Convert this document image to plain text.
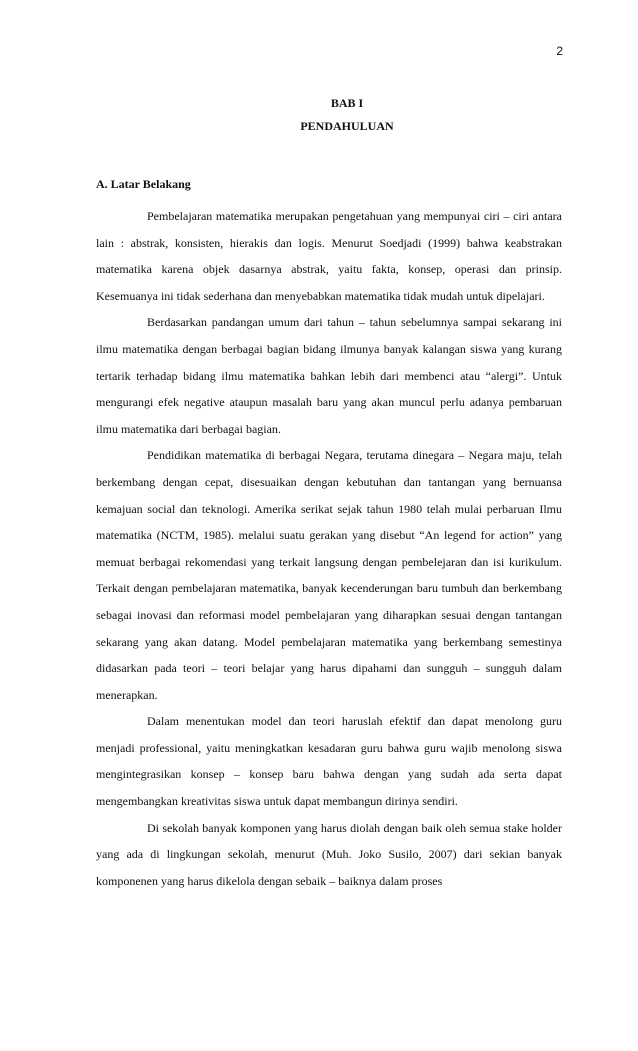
2
BAB I
PENDAHULUAN
A. Latar Belakang

Pembelajaran matematika merupakan pengetahuan yang mempunyai ciri – ciri antara lain : abstrak, konsisten, hierakis dan logis. Menurut Soedjadi (1999) bahwa keabstrakan matematika karena objek dasarnya abstrak, yaitu fakta, konsep, operasi dan prinsip. Kesemuanya ini tidak sederhana dan menyebabkan matematika tidak mudah untuk dipelajari.

Berdasarkan pandangan umum dari tahun – tahun sebelumnya sampai sekarang ini ilmu matematika dengan berbagai bagian bidang ilmunya banyak kalangan siswa yang kurang tertarik terhadap bidang ilmu matematika bahkan lebih dari membenci atau “alergi”. Untuk mengurangi efek negative ataupun masalah baru yang akan muncul perlu adanya pembaruan ilmu matematika dari berbagai bagian.

Pendidikan matematika di berbagai Negara, terutama dinegara – Negara maju, telah berkembang dengan cepat, disesuaikan dengan kebutuhan dan tantangan yang bernuansa kemajuan social dan teknologi. Amerika serikat sejak tahun 1980 telah mulai perbaruan Ilmu matematika (NCTM, 1985). melalui suatu gerakan yang disebut “An legend for action” yang memuat berbagai rekomendasi yang terkait langsung dengan pembelejaran dan isi kurikulum. Terkait dengan pembelajaran matematika, banyak kecenderungan baru tumbuh dan berkembang sebagai inovasi dan reformasi model pembelajaran yang diharapkan sesuai dengan tantangan sekarang yang akan datang. Model pembelajaran matematika yang berkembang semestinya didasarkan pada teori – teori belajar yang harus dipahami dan sungguh – sungguh dalam menerapkan.

Dalam menentukan model dan teori haruslah efektif dan dapat menolong guru menjadi professional, yaitu meningkatkan kesadaran guru bahwa guru wajib menolong siswa mengintegrasikan konsep – konsep baru bahwa dengan yang sudah ada serta dapat mengembangkan kreativitas siswa untuk dapat membangun dirinya sendiri.

Di sekolah banyak komponen yang harus diolah dengan baik oleh semua stake holder yang ada di lingkungan sekolah, menurut (Muh. Joko Susilo, 2007) dari sekian banyak komponenen yang harus dikelola dengan sebaik – baiknya dalam proses
